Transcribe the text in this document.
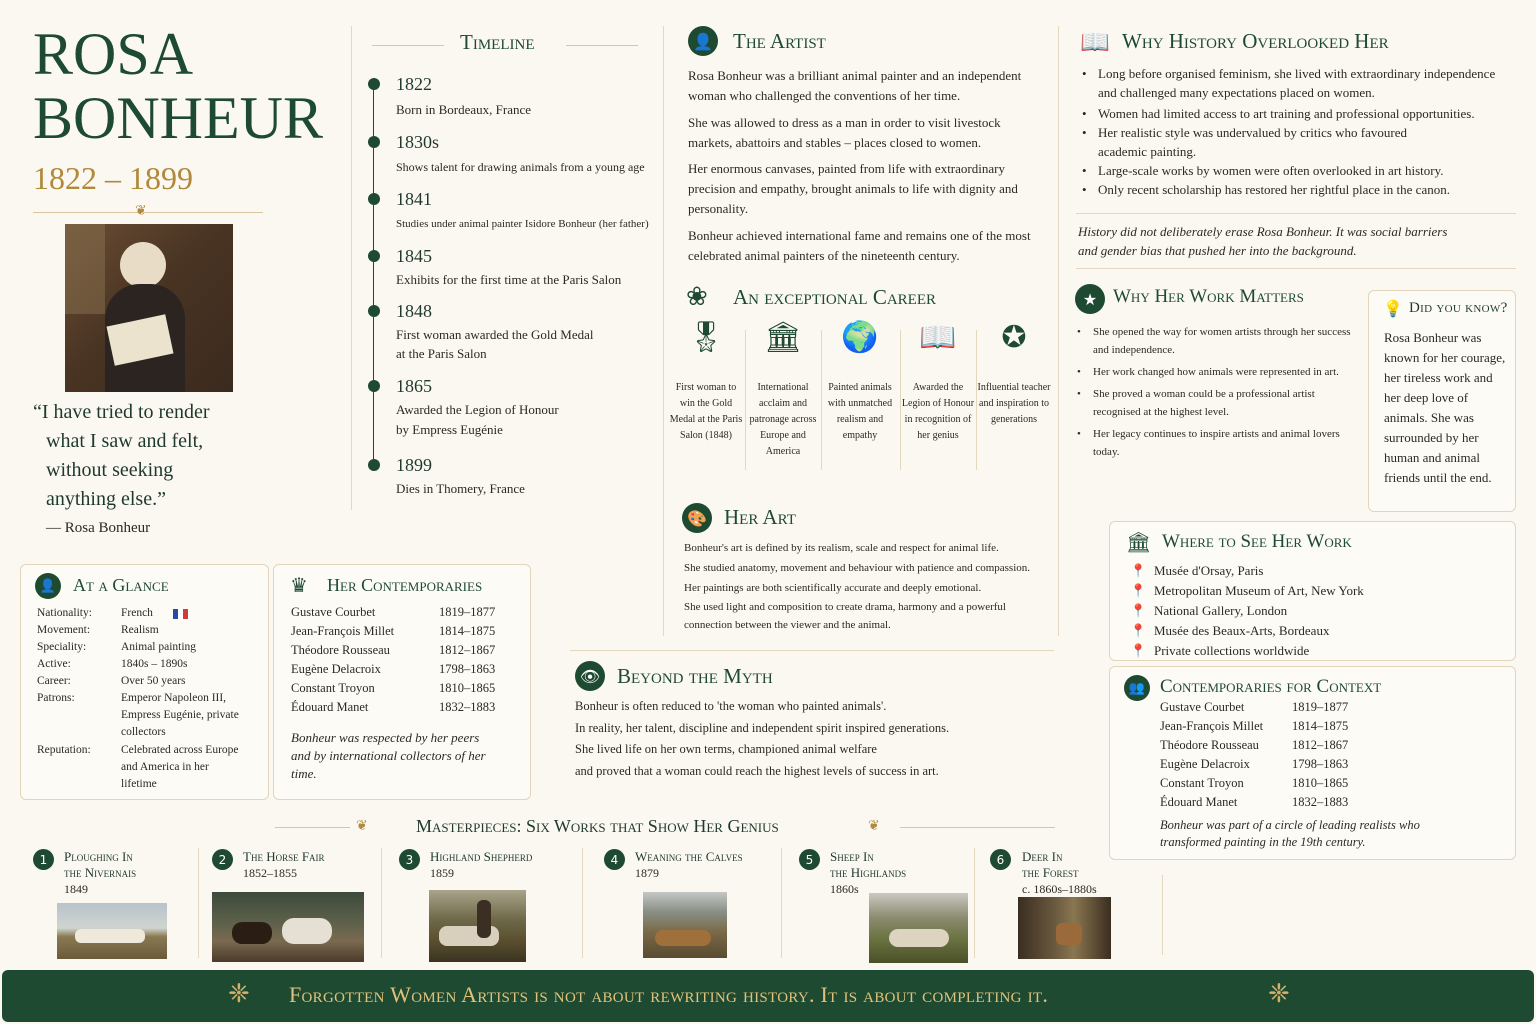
ROSA
BONHEUR
1822 – 1899
❦
“I have tried to render
what I saw and felt,
without seeking
anything else.”
— Rosa Bonheur
Timeline
1822
Born in Bordeaux, France
1830s
Shows talent for drawing animals from a young age
1841
Studies under animal painter Isidore Bonheur (her father)
1845
Exhibits for the first time at the Paris Salon
1848
First woman awarded the Gold Medal
at the Paris Salon
1865
Awarded the Legion of Honour
by Empress Eugénie
1899
Dies in Thomery, France
👤 The Artist
Rosa Bonheur was a brilliant animal painter and an independent woman who challenged the conventions of her time.
She was allowed to dress as a man in order to visit livestock markets, abattoirs and stables – places closed to women.
Her enormous canvases, painted from life with extraordinary precision and empathy, brought animals to life with dignity and personality.
Bonheur achieved international fame and remains one of the most celebrated animal painters of the nineteenth century.
❀ An exceptional Career
🎖
First woman to win the Gold Medal at the Paris Salon (1848)
🏛
International acclaim and patronage across Europe and America
🌍
Painted animals with unmatched realism and empathy
📖
Awarded the Legion of Honour in recognition of her genius
✪
Influential teacher and inspiration to generations
🎨 Her Art
Bonheur's art is defined by its realism, scale and respect for animal life.
She studied anatomy, movement and behaviour with patience and compassion.
Her paintings are both scientifically accurate and deeply emotional.
She used light and composition to create drama, harmony and a powerful connection between the viewer and the animal.
👁 Beyond the Myth
Bonheur is often reduced to 'the woman who painted animals'.
In reality, her talent, discipline and independent spirit inspired generations.
She lived life on her own terms, championed animal welfare
and proved that a woman could reach the highest levels of success in art.
📖 Why History Overlooked Her
• Long before organised feminism, she lived with extraordinary independence and challenged many expectations placed on women.
• Women had limited access to art training and professional opportunities.
• Her realistic style was undervalued by critics who favoured academic painting.
• Large-scale works by women were often overlooked in art history.
• Only recent scholarship has restored her rightful place in the canon.
History did not deliberately erase Rosa Bonheur. It was social barriers and gender bias that pushed her into the background.
★ Why Her Work Matters
• She opened the way for women artists through her success and independence.
• Her work changed how animals were represented in art.
• She proved a woman could be a professional artist recognised at the highest level.
• Her legacy continues to inspire artists and animal lovers today.
💡 Did you know?
Rosa Bonheur was known for her courage, her tireless work and her deep love of animals. She was surrounded by her human and animal friends until the end.
🏛 Where to See Her Work
📍 Musée d'Orsay, Paris
📍 Metropolitan Museum of Art, New York
📍 National Gallery, London
📍 Musée des Beaux-Arts, Bordeaux
📍 Private collections worldwide
👥 Contemporaries for Context
Gustave Courbet	1819–1877
Jean-François Millet	1814–1875
Théodore Rousseau	1812–1867
Eugène Delacroix	1798–1863
Constant Troyon	1810–1865
Édouard Manet	1832–1883
Bonheur was part of a circle of leading realists who transformed painting in the 19th century.
👤 At a Glance
Nationality:	French
Movement:	Realism
Speciality:	Animal painting
Active:	1840s – 1890s
Career:	Over 50 years
Patrons:	Emperor Napoleon III, Empress Eugénie, private collectors
Reputation:	Celebrated across Europe and America in her lifetime
♛ Her Contemporaries
Gustave Courbet	1819–1877
Jean-François Millet	1814–1875
Théodore Rousseau	1812–1867
Eugène Delacroix	1798–1863
Constant Troyon	1810–1865
Édouard Manet	1832–1883
Bonheur was respected by her peers and by international collectors of her time.
❦	Masterpieces: Six Works that Show Her Genius	❦
1	Ploughing In
the Nivernais
1849
2	The Horse Fair
1852–1855
3	Highland Shepherd
1859
4	Weaning the Calves
1879
5	Sheep In
the Highlands
1860s
6	Deer In
the Forest
c. 1860s–1880s
❈ Forgotten Women Artists is not about rewriting history. It is about completing it.	❈
